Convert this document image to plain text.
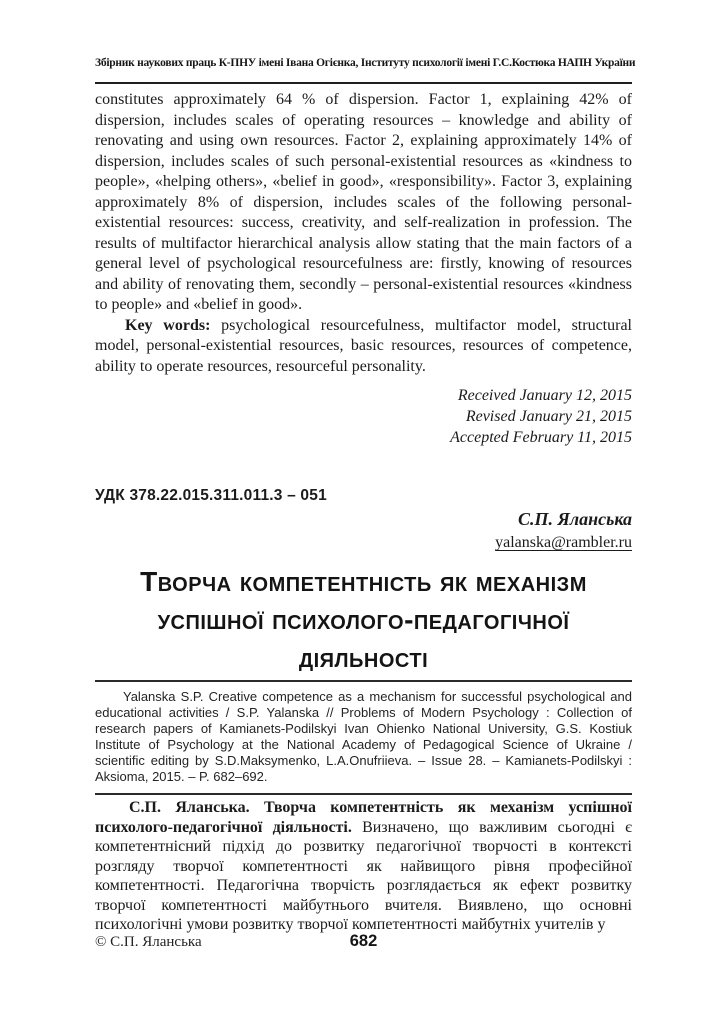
Збірник наукових праць К-ПНУ імені Івана Огієнка, Інституту психології імені Г.С.Костюка НАПН України

constitutes approximately 64 % of dispersion. Factor 1, explaining 42% of dispersion, includes scales of operating resources – knowledge and ability of renovating and using own resources. Factor 2, explaining approximately 14% of dispersion, includes scales of such personal-existential resources as «kindness to people», «helping others», «belief in good», «responsibility». Factor 3, explaining approximately 8% of dispersion, includes scales of the following personal-existential resources: success, creativity, and self-realization in profession. The results of multifactor hierarchical analysis allow stating that the main factors of a general level of psychological resourcefulness are: firstly, knowing of resources and ability of renovating them, secondly – personal-existential resources «kindness to people» and «belief in good».

Key words: psychological resourcefulness, multifactor model, structural model, personal-existential resources, basic resources, resources of competence, ability to operate resources, resourceful personality.

Received January 12, 2015
Revised January 21, 2015
Accepted February 11, 2015
УДК 378.22.015.311.011.3 – 051
С.П. Яланська
yalanska@rambler.ru
Творча компетентність як механізм успішної психолого-педагогічної діяльності
Yalanska S.P. Creative competence as a mechanism for successful psychological and educational activities / S.P. Yalanska // Problems of Modern Psychology : Collection of research papers of Kamianets-Podilskyi Ivan Ohienko National University, G.S. Kostiuk Institute of Psychology at the National Academy of Pedagogical Science of Ukraine / scientific editing by S.D.Maksymenko, L.A.Onufriieva. – Issue 28. – Kamianets-Podilskyi : Aksioma, 2015. – P. 682–692.
С.П. Яланська. Творча компетентність як механізм успішної психолого-педагогічної діяльності. Визначено, що важливим сьогодні є компетентнісний підхід до розвитку педагогічної творчості в контексті розгляду творчої компетентності як найвищого рівня професійної компетентності. Педагогічна творчість розглядається як ефект розвитку творчої компетентності майбутнього вчителя. Виявлено, що основні психологічні умови розвитку творчої компетентності майбутніх учителів у
© С.П. Яланська	682
